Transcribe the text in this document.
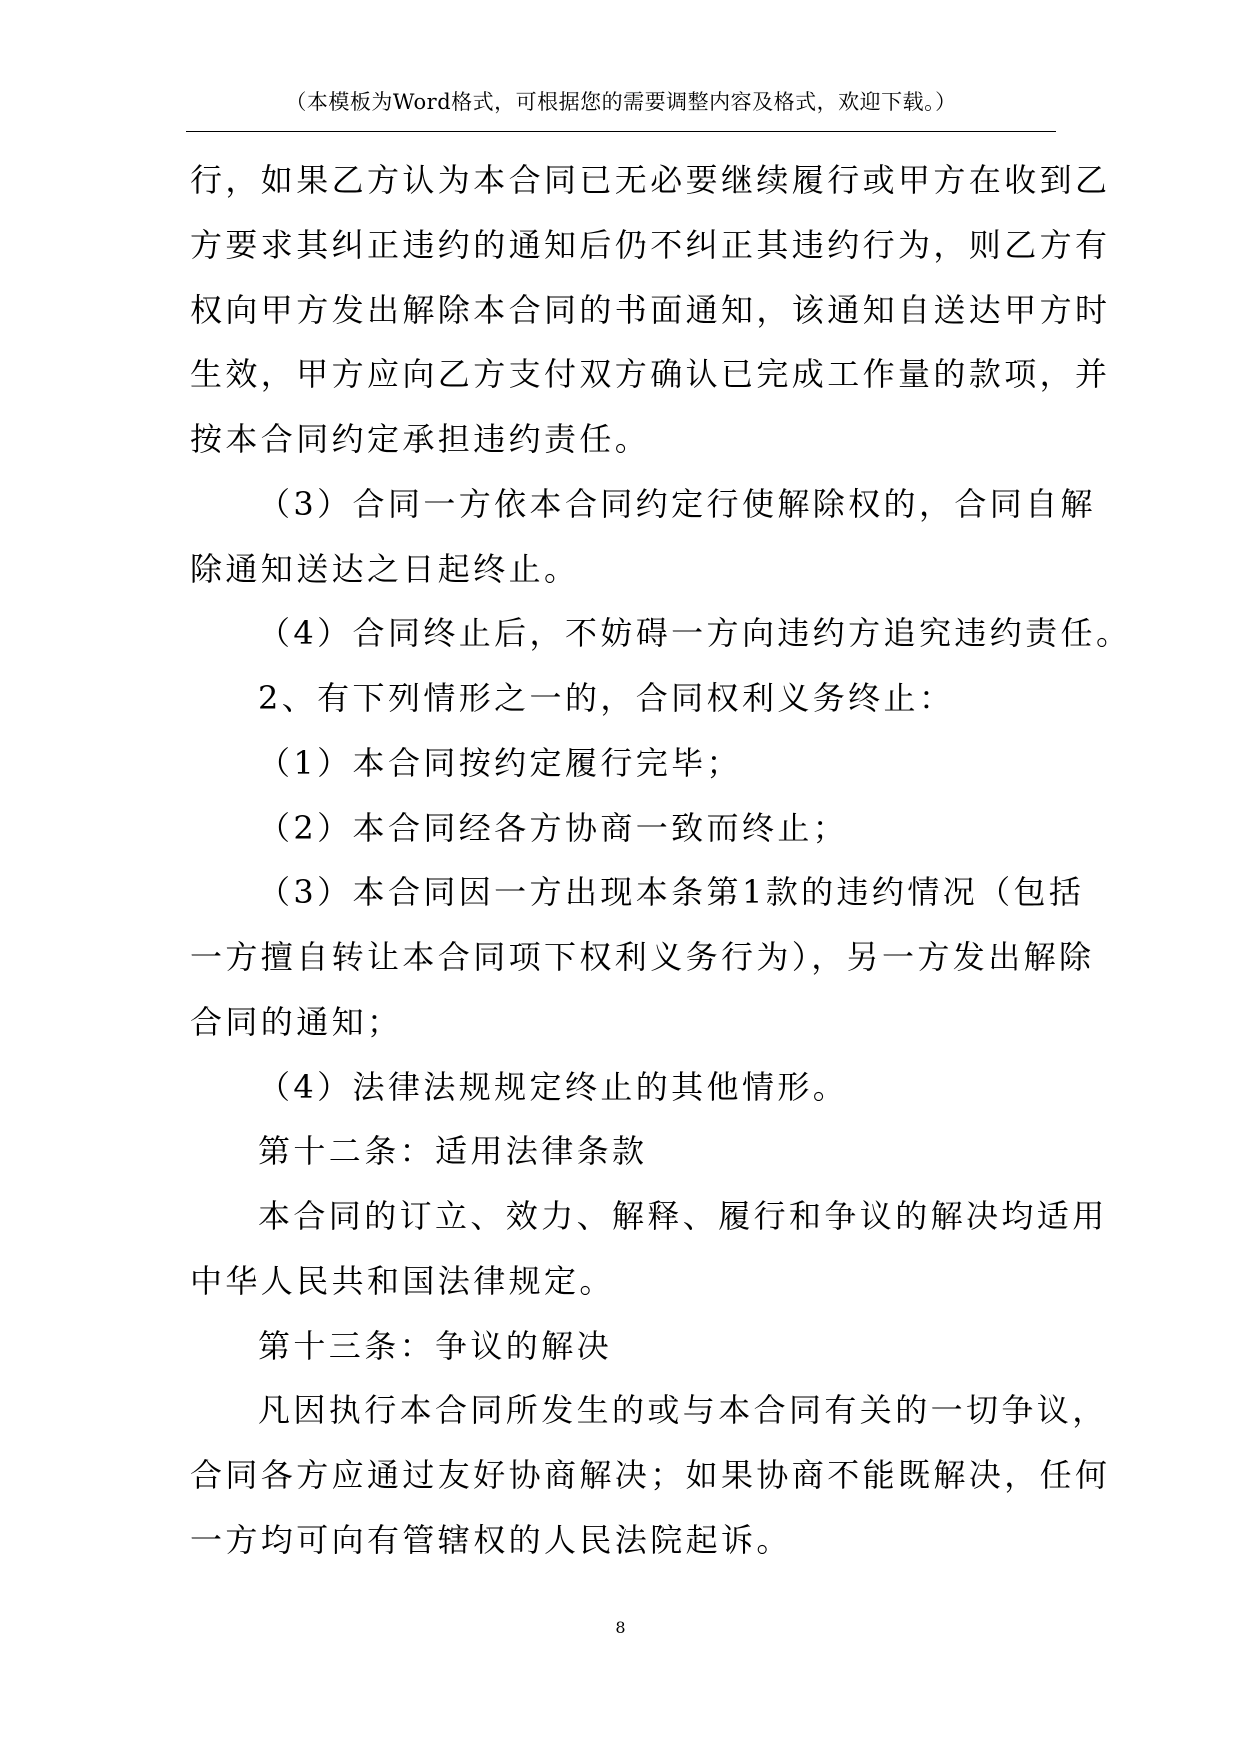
（本模板为Word格式，可根据您的需要调整内容及格式，欢迎下载。）
行，如果乙方认为本合同已无必要继续履行或甲方在收到乙
方要求其纠正违约的通知后仍不纠正其违约行为，则乙方有
权向甲方发出解除本合同的书面通知，该通知自送达甲方时
生效，甲方应向乙方支付双方确认已完成工作量的款项，并
按本合同约定承担违约责任。
（3）合同一方依本合同约定行使解除权的，合同自解
除通知送达之日起终止。
（4）合同终止后，不妨碍一方向违约方追究违约责任。
2、有下列情形之一的，合同权利义务终止：
（1）本合同按约定履行完毕；
（2）本合同经各方协商一致而终止；
（3）本合同因一方出现本条第1款的违约情况（包括
一方擅自转让本合同项下权利义务行为），另一方发出解除
合同的通知；
（4）法律法规规定终止的其他情形。
第十二条：适用法律条款
本合同的订立、效力、解释、履行和争议的解决均适用
中华人民共和国法律规定。
第十三条：争议的解决
凡因执行本合同所发生的或与本合同有关的一切争议，
合同各方应通过友好协商解决；如果协商不能既解决，任何
一方均可向有管辖权的人民法院起诉。
8
